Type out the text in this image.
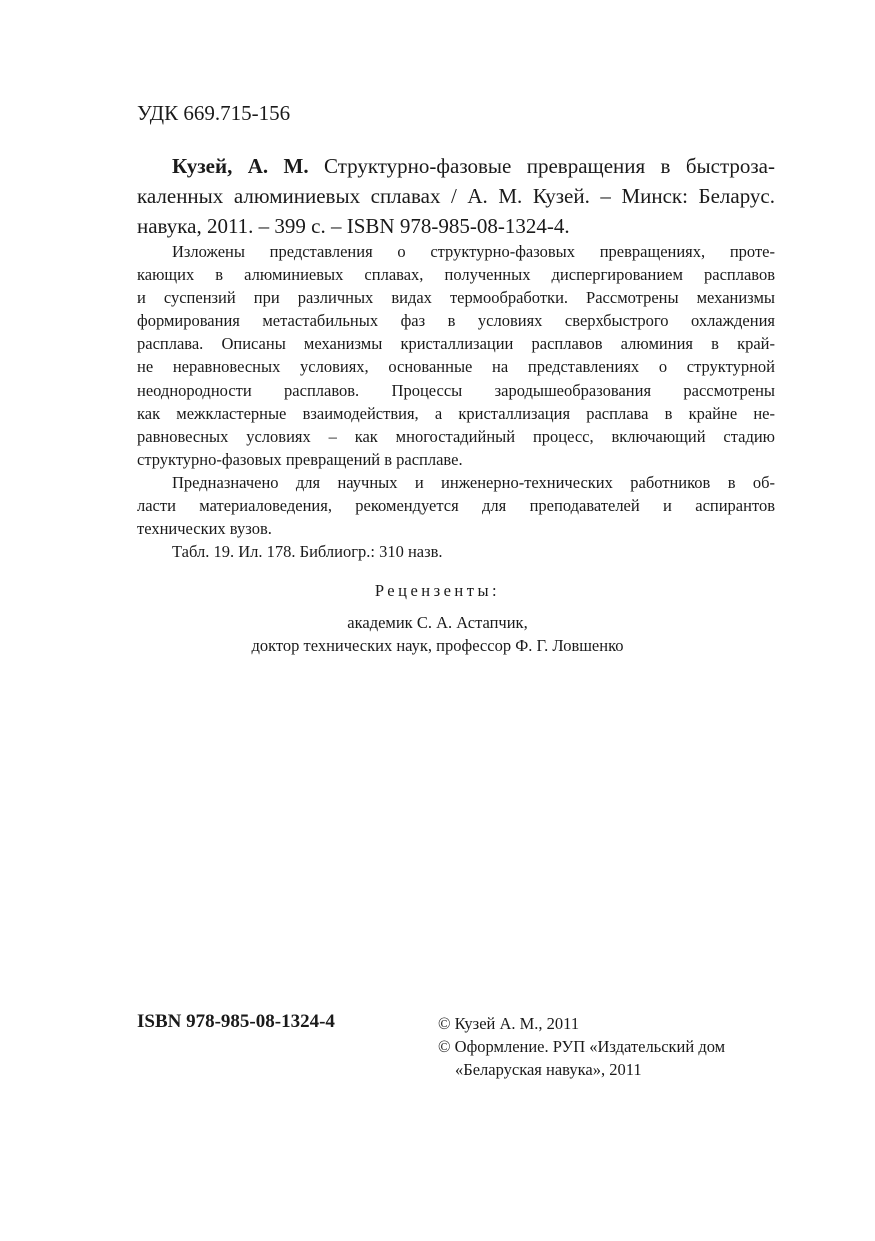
УДК 669.715-156
Кузей, А. М. Структурно-фазовые превращения в быстроза-
каленных алюминиевых сплавах / А. М. Кузей. – Минск: Беларус.
навука, 2011. – 399 с. – ISBN 978-985-08-1324-4.
Изложены представления о структурно-фазовых превращениях, проте-
кающих в алюминиевых сплавах, полученных диспергированием расплавов
и суспензий при различных видах термообработки. Рассмотрены механизмы
формирования метастабильных фаз в условиях сверхбыстрого охлаждения
расплава. Описаны механизмы кристаллизации расплавов алюминия в край-
не неравновесных условиях, основанные на представлениях о структурной
неоднородности расплавов. Процессы зародышеобразования рассмотрены
как межкластерные взаимодействия, а кристаллизация расплава в крайне не-
равновесных условиях – как многостадийный процесс, включающий стадию
структурно-фазовых превращений в расплаве.
Предназначено для научных и инженерно-технических работников в об-
ласти материаловедения, рекомендуется для преподавателей и аспирантов
технических вузов.
Табл. 19. Ил. 178. Библиогр.: 310 назв.
Рецензенты:
академик С. А. Астапчик,
доктор технических наук, профессор Ф. Г. Ловшенко
ISBN 978-985-08-1324-4	© Кузей А. М., 2011
© Оформление. РУП «Издательский дом
«Беларуская навука», 2011
